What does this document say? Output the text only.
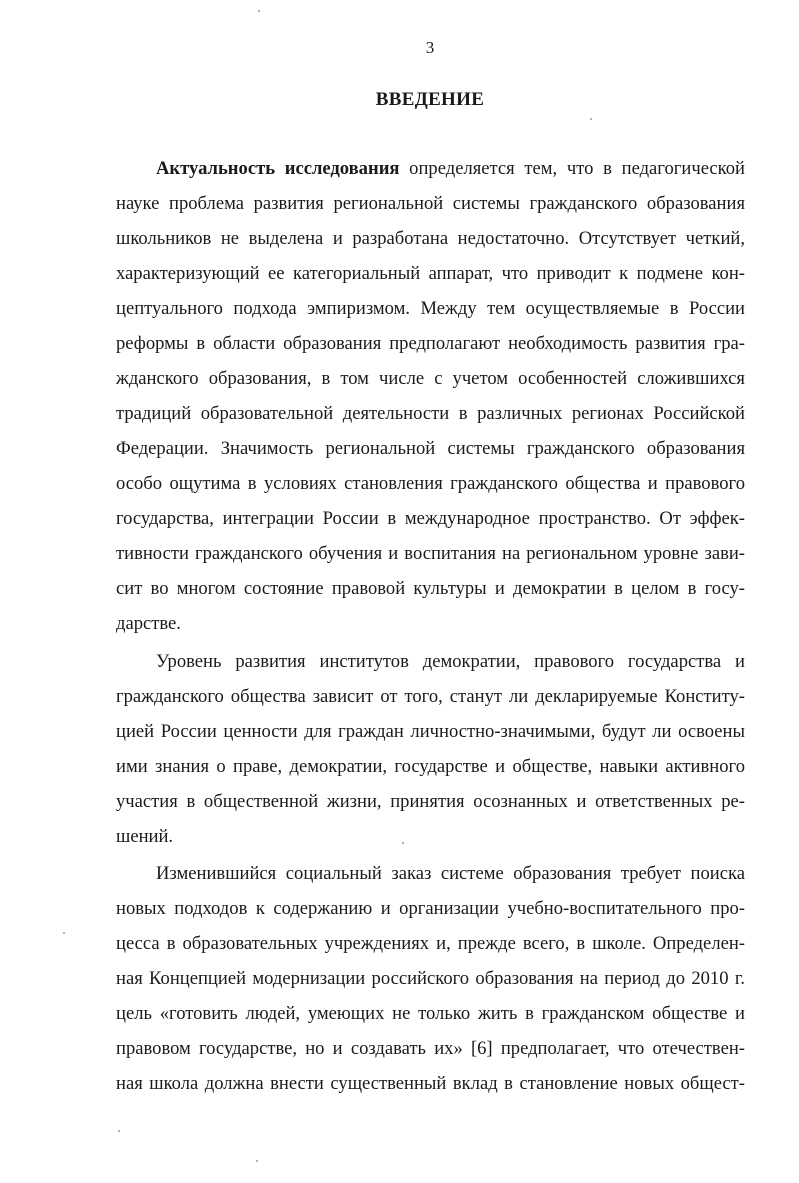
3
ВВЕДЕНИЕ
Актуальность исследования определяется тем, что в педагогической
науке проблема развития региональной системы гражданского образования
школьников не выделена и разработана недостаточно. Отсутствует четкий,
характеризующий ее категориальный аппарат, что приводит к подмене кон-
цептуального подхода эмпиризмом. Между тем осуществляемые в России
реформы в области образования предполагают необходимость развития гра-
жданского образования, в том числе с учетом особенностей сложившихся
традиций образовательной деятельности в различных регионах Российской
Федерации. Значимость региональной системы гражданского образования
особо ощутима в условиях становления гражданского общества и правового
государства, интеграции России в международное пространство. От эффек-
тивности гражданского обучения и воспитания на региональном уровне зави-
сит во многом состояние правовой культуры и демократии в целом в госу-
дарстве.
Уровень развития институтов демократии, правового государства и
гражданского общества зависит от того, станут ли декларируемые Конститу-
цией России ценности для граждан личностно-значимыми, будут ли освоены
ими знания о праве, демократии, государстве и обществе, навыки активного
участия в общественной жизни, принятия осознанных и ответственных ре-
шений.
Изменившийся социальный заказ системе образования требует поиска
новых подходов к содержанию и организации учебно-воспитательного про-
цесса в образовательных учреждениях и, прежде всего, в школе. Определен-
ная Концепцией модернизации российского образования на период до 2010 г.
цель «готовить людей, умеющих не только жить в гражданском обществе и
правовом государстве, но и создавать их» [6] предполагает, что отечествен-
ная школа должна внести существенный вклад в становление новых общест-
